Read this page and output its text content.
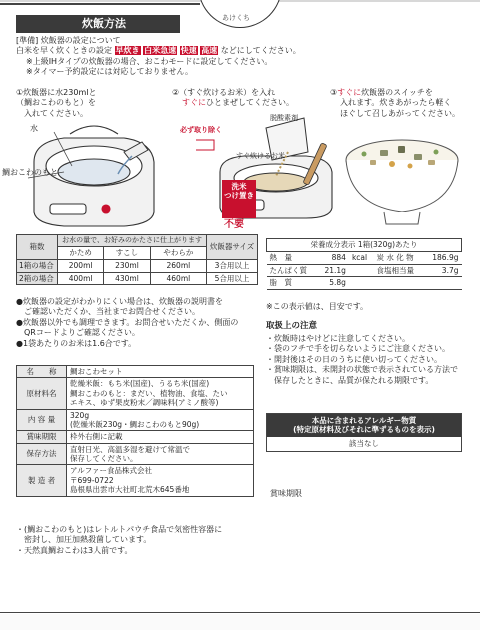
炊飯方法	あけくち
[準備] 炊飯器の設定について
白米を早く炊くときの設定 早炊き 白米急速 快速 高速 などにしてください。
※上級IHタイプの炊飯器の場合、おこわモードに設定してください。
※タイマー予約設定には対応しておりません。
①炊飯器に水230mlと
（鯛おこわのもと）を
入れてください。
②（すぐ炊けるお米）を入れ
すぐにひとまぜしてください。
③すぐに炊飯器のスイッチを
入れます。炊きあがったら軽く
ほぐして召しあがってください。
水
鯛おこわのもと
脱酸素剤
必ず取り除く
すぐ炊けるお米
洗米
つけ置き
不要
箱数	お水の量で、お好みのかたさに仕上がります			炊飯器サイズ
	かため	すこし	やわらか	
1箱の場合	200ml	230ml	260ml	3合用以上
2箱の場合	400ml	430ml	460ml	5合用以上
●炊飯器の設定がわかりにくい場合は、炊飯器の説明書を
　ご確認いただくか、当社までお問合せください。
●炊飯器以外でも調理できます。お問合せいただくか、側面の
　QRコードよりご確認ください。
●1袋あたりのお米は1.6合です。
名　　称	鯛おこわセット
原材料名	乾燥米飯：もち米(国産)、うるち米(国産)
鯛おこわのもと：まだい、植物油、食塩、たい
エキス、ゆず果皮粉末／調味料(アミノ酸等)

内 容 量	320g
(乾燥米飯230g・鯛おこわのもと90g)

賞味期限	枠外右側に記載
保存方法	直射日光、高温多湿を避けて常温で
保存してください。

製 造 者	アルファー食品株式会社
〒699-0722
島根県出雲市大社町北荒木645番地
・(鯛おこわのもと)はレトルトパウチ食品で気密性容器に
　密封し、加圧加熱殺菌しています。
・天然真鯛おこわは3人前です。
栄養成分表示 1箱(320g)あたり				
熱　量	884	kcal	炭 水 化 物	186.9g
たんぱく質	21.1g		食塩相当量	3.7g
脂　質	5.8g			
※この表示値は、目安です。
取扱上の注意
・炊飯時はやけどに注意してください。
・袋のフチで手を切らないようにご注意ください。
・開封後はその日のうちに使い切ってください。
・賞味期限は、未開封の状態で表示されている方法で
　保存したときに、品質が保たれる期限です。
本品に含まれるアレルギー物質
(特定原材料及びそれに準ずるものを表示)
該当なし
賞味期限
